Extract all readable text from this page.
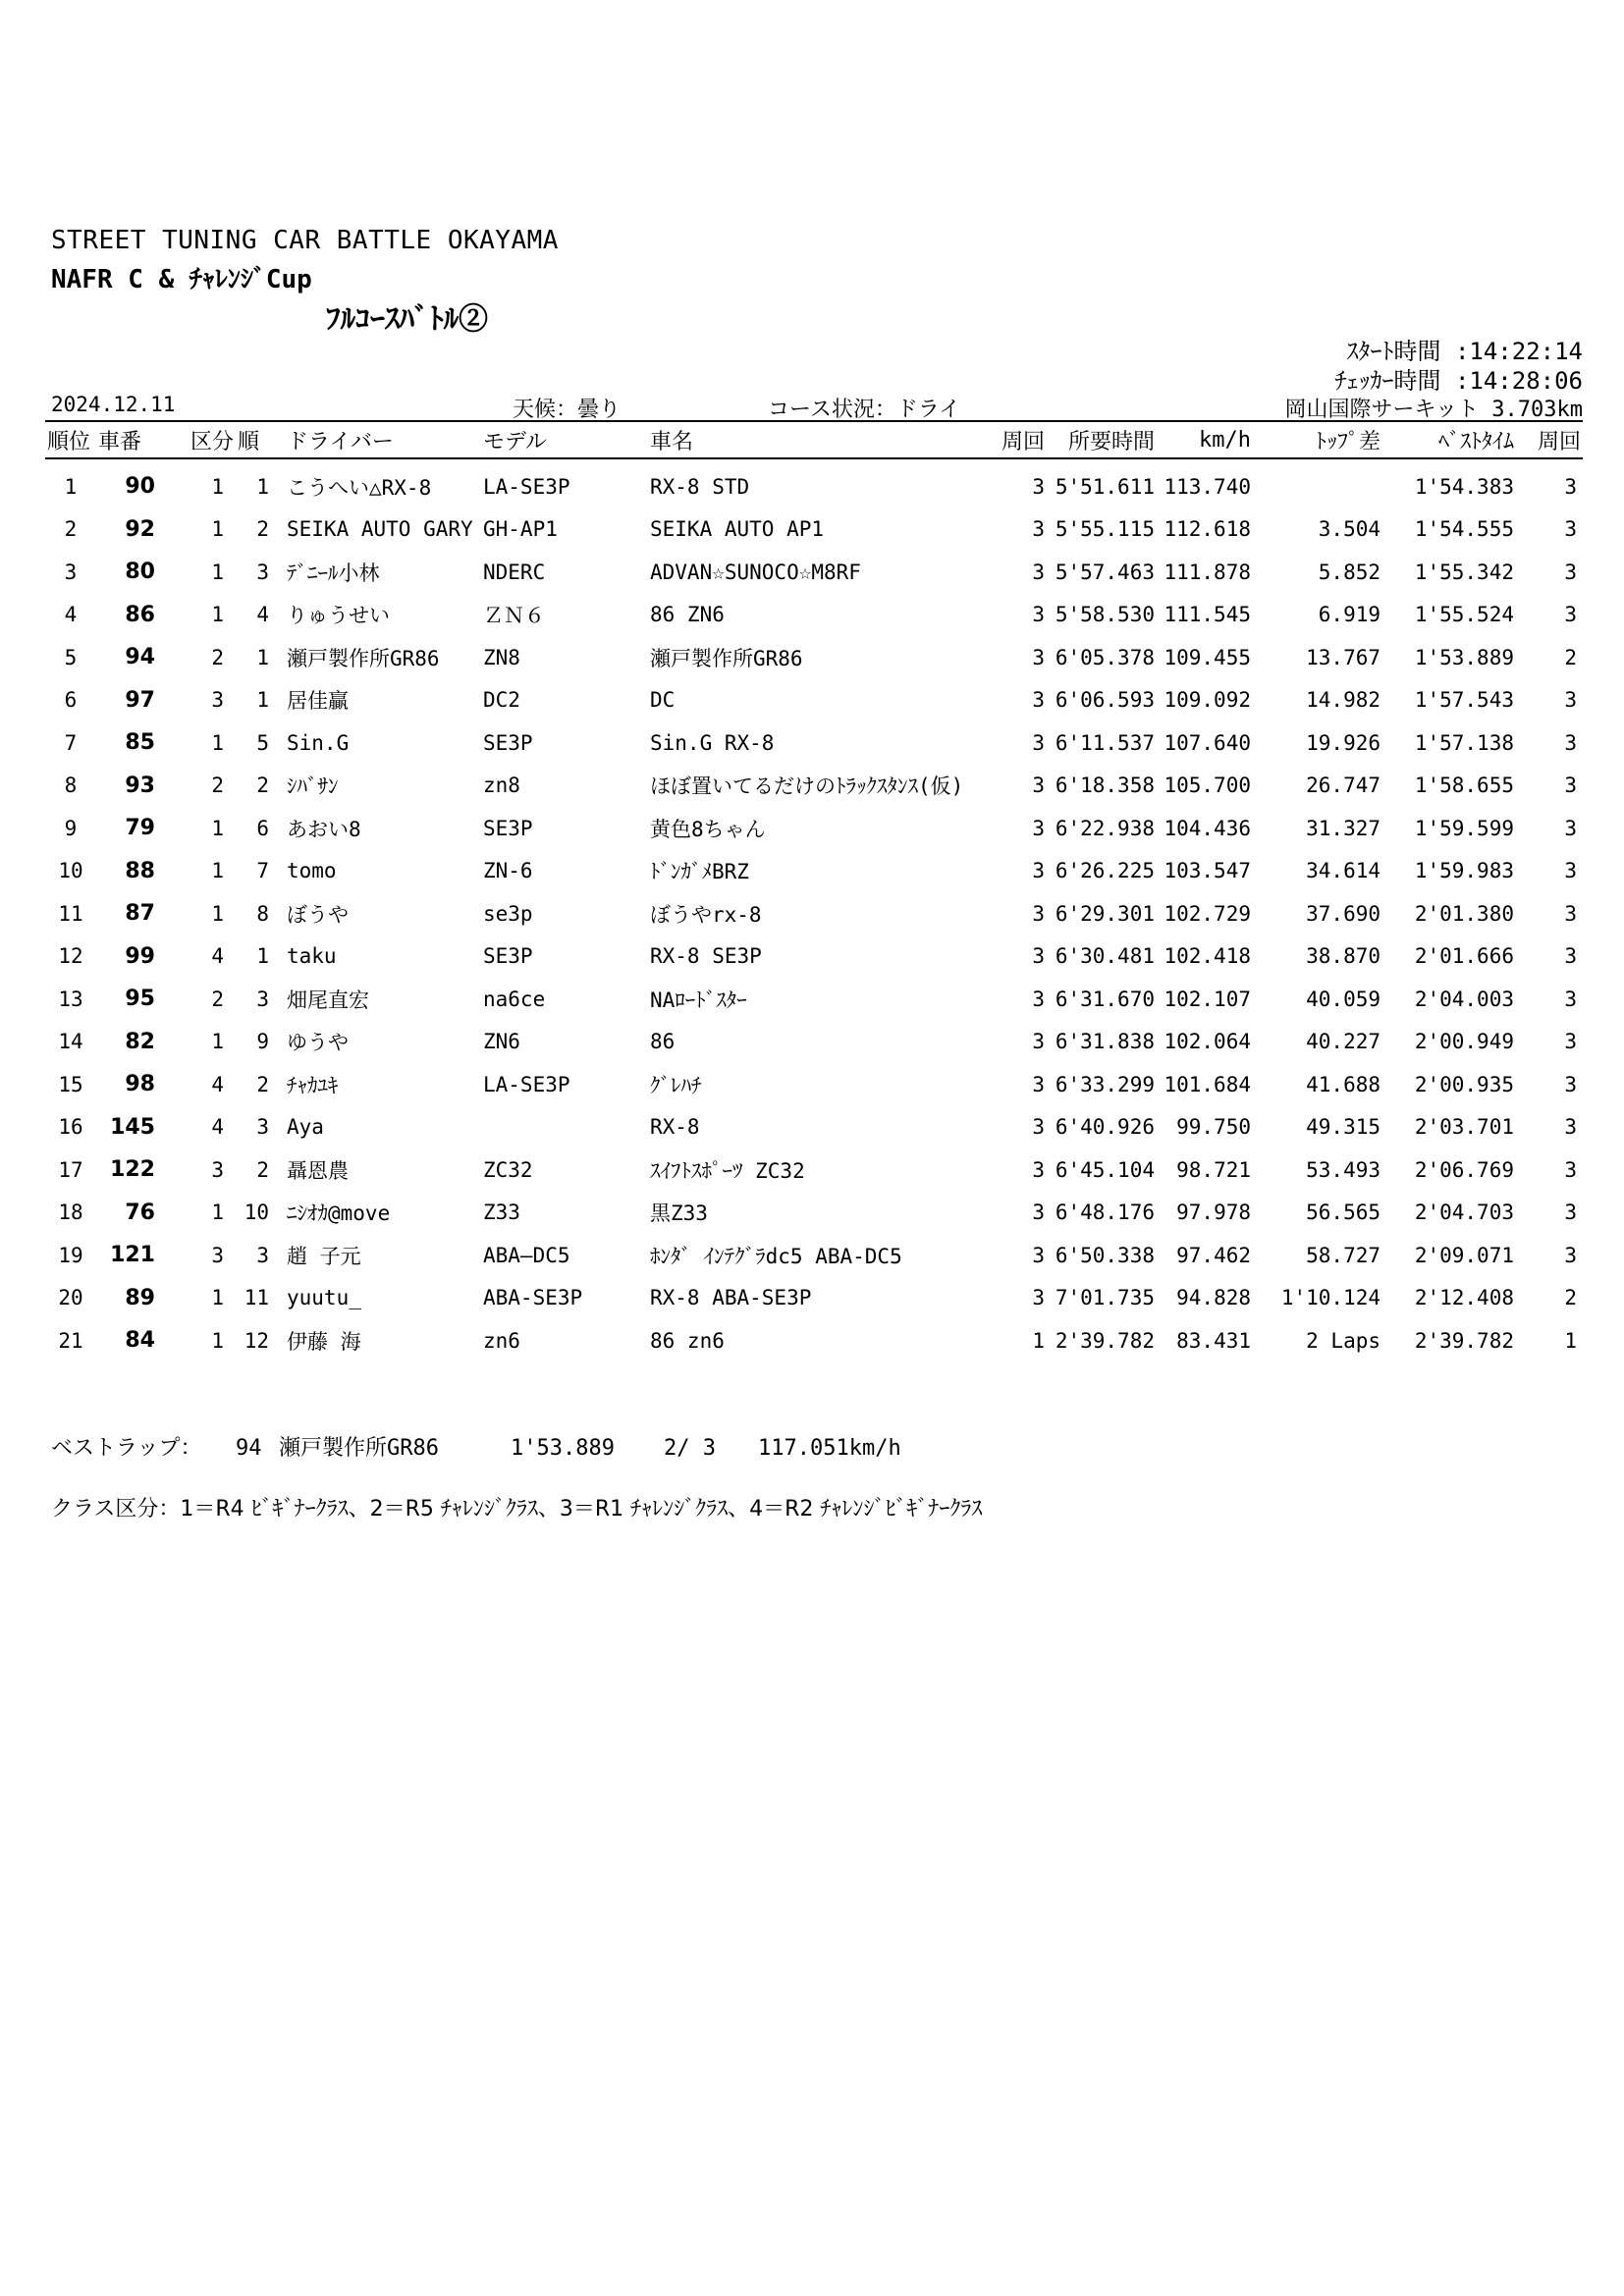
STREET TUNING CAR BATTLE OKAYAMA
NAFR C & ﾁｬﾚﾝｼﾞCup
ﾌﾙｺｰｽﾊﾞﾄﾙ②
ｽﾀｰﾄ時間 :14:22:14
ﾁｪｯｶｰ時間 :14:28:06
2024.12.11	天候：曇り	コース状況：ドライ	岡山国際サーキット 3.703km
順位	車番	区分	順	ドライバー	モデル	車名	周回	所要時間	km/h	ﾄｯﾌﾟ差	ﾍﾞｽﾄﾀｲﾑ	周回
1	90	1	1	こうへい△RX-8	LA-SE3P	RX-8 STD	3	5'51.611	113.740		1'54.383	3
2	92	1	2	SEIKA AUTO GARY	GH-AP1	SEIKA AUTO AP1	3	5'55.115	112.618	3.504	1'54.555	3
3	80	1	3	ﾃﾞﾆｰﾙ小林	NDERC	ADVAN☆SUNOCO☆M8RF	3	5'57.463	111.878	5.852	1'55.342	3
4	86	1	4	りゅうせい	ＺＮ６	86 ZN6	3	5'58.530	111.545	6.919	1'55.524	3
5	94	2	1	瀬戸製作所GR86	ZN8	瀬戸製作所GR86	3	6'05.378	109.455	13.767	1'53.889	2
6	97	3	1	居佳贏	DC2	DC	3	6'06.593	109.092	14.982	1'57.543	3
7	85	1	5	Sin.G	SE3P	Sin.G RX-8	3	6'11.537	107.640	19.926	1'57.138	3
8	93	2	2	ｼﾊﾞｻﾝ	zn8	ほぼ置いてるだけのﾄﾗｯｸｽﾀﾝｽ(仮)	3	6'18.358	105.700	26.747	1'58.655	3
9	79	1	6	あおい8	SE3P	黄色8ちゃん	3	6'22.938	104.436	31.327	1'59.599	3
10	88	1	7	tomo	ZN-6	ﾄﾞﾝｶﾞﾒBRZ	3	6'26.225	103.547	34.614	1'59.983	3
11	87	1	8	ぼうや	se3p	ぼうやrx-8	3	6'29.301	102.729	37.690	2'01.380	3
12	99	4	1	taku	SE3P	RX-8 SE3P	3	6'30.481	102.418	38.870	2'01.666	3
13	95	2	3	畑尾直宏	na6ce	NAﾛｰﾄﾞｽﾀｰ	3	6'31.670	102.107	40.059	2'04.003	3
14	82	1	9	ゆうや	ZN6	86	3	6'31.838	102.064	40.227	2'00.949	3
15	98	4	2	ﾁｬｶﾕｷ	LA-SE3P	ｸﾞﾚﾊﾁ	3	6'33.299	101.684	41.688	2'00.935	3
16	145	4	3	Aya		RX-8	3	6'40.926	99.750	49.315	2'03.701	3
17	122	3	2	聶恩農	ZC32	ｽｲﾌﾄｽﾎﾟｰﾂ ZC32	3	6'45.104	98.721	53.493	2'06.769	3
18	76	1	10	ﾆｼｵｶ@move	Z33	黒Z33	3	6'48.176	97.978	56.565	2'04.703	3
19	121	3	3	趙 子元	ABA—DC5	ﾎﾝﾀﾞ ｲﾝﾃｸﾞﾗdc5 ABA-DC5	3	6'50.338	97.462	58.727	2'09.071	3
20	89	1	11	yuutu_	ABA-SE3P	RX-8 ABA-SE3P	3	7'01.735	94.828	1'10.124	2'12.408	2
21	84	1	12	伊藤 海	zn6	86 zn6	1	2'39.782	83.431	2 Laps	2'39.782	1
ベストラップ： 94 瀬戸製作所GR86	1'53.889 2/ 3 117.051km/h
クラス区分：1＝R4 ﾋﾞｷﾞﾅｰｸﾗｽ、2＝R5 ﾁｬﾚﾝｼﾞｸﾗｽ、3＝R1 ﾁｬﾚﾝｼﾞｸﾗｽ、4＝R2 ﾁｬﾚﾝｼﾞﾋﾞｷﾞﾅｰｸﾗｽ
